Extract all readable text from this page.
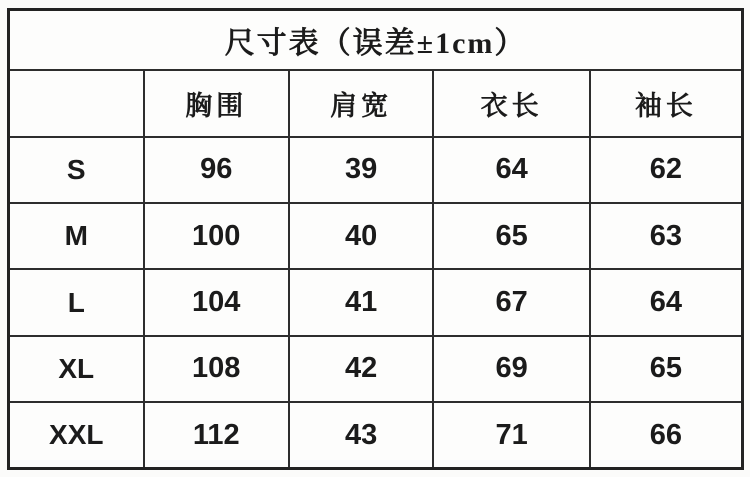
尺寸表（误差±1cm）				
	胸围	肩宽	衣长	袖长
S	96	39	64	62
M	100	40	65	63
L	104	41	67	64
XL	108	42	69	65
XXL	112	43	71	66
